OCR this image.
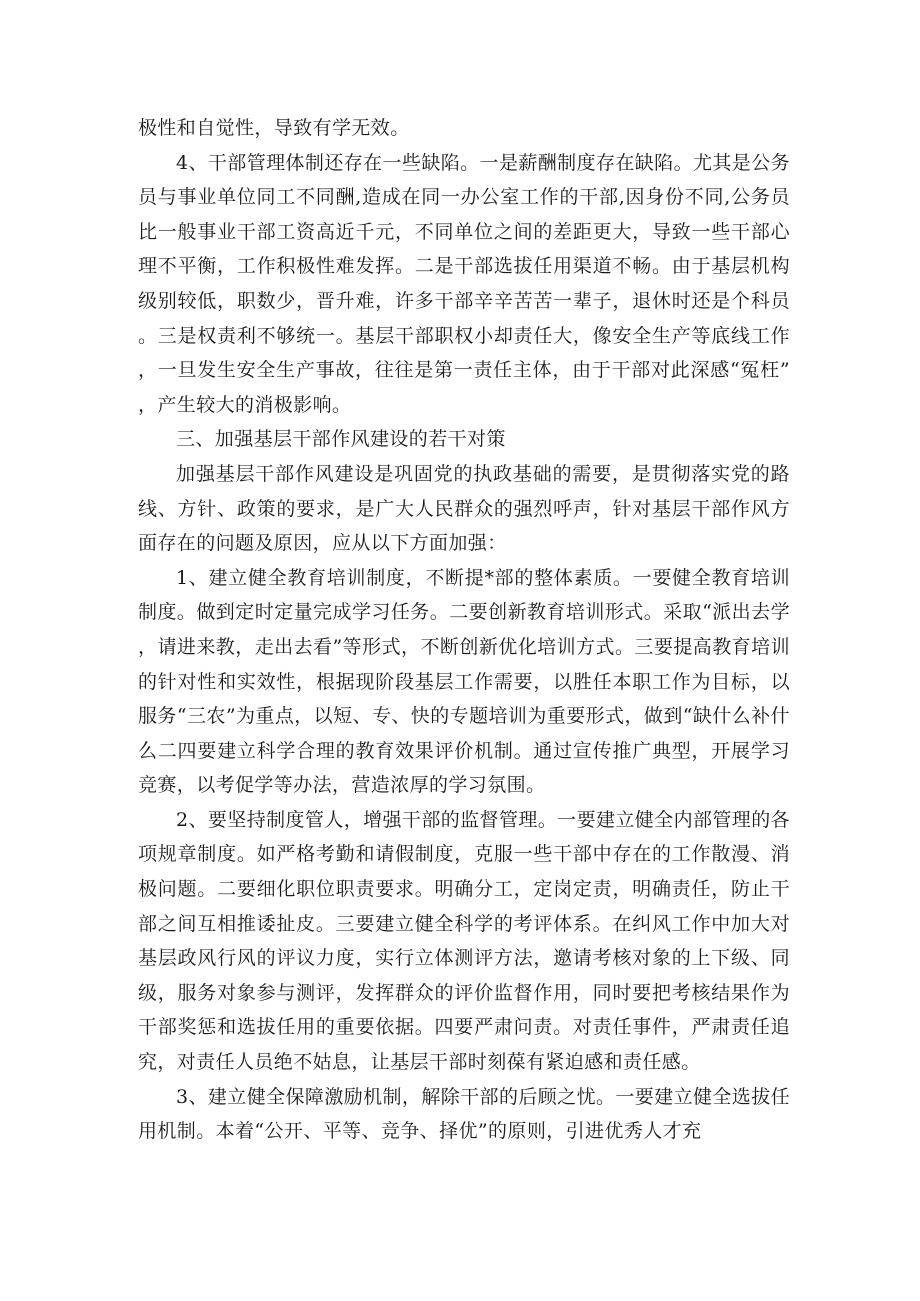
极性和自觉性，导致有学无效。

4、干部管理体制还存在一些缺陷。一是薪酬制度存在缺陷。尤其是公务员与事业单位同工不同酬,造成在同一办公室工作的干部,因身份不同,公务员比一般事业干部工资高近千元，不同单位之间的差距更大，导致一些干部心理不平衡，工作积极性难发挥。二是干部选拔任用渠道不畅。由于基层机构级别较低，职数少，晋升难，许多干部辛辛苦苦一辈子，退休时还是个科员。三是权责利不够统一。基层干部职权小却责任大，像安全生产等底线工作，一旦发生安全生产事故，往往是第一责任主体，由于干部对此深感“冤枉”，产生较大的消极影响。

三、加强基层干部作风建设的若干对策

加强基层干部作风建设是巩固党的执政基础的需要，是贯彻落实党的路线、方针、政策的要求，是广大人民群众的强烈呼声，针对基层干部作风方面存在的问题及原因，应从以下方面加强：

1、建立健全教育培训制度，不断提*部的整体素质。一要健全教育培训制度。做到定时定量完成学习任务。二要创新教育培训形式。采取“派出去学，请进来教，走出去看”等形式，不断创新优化培训方式。三要提高教育培训的针对性和实效性，根据现阶段基层工作需要，以胜任本职工作为目标，以服务“三农”为重点，以短、专、快的专题培训为重要形式，做到“缺什么补什么二四要建立科学合理的教育效果评价机制。通过宣传推广典型，开展学习竞赛，以考促学等办法，营造浓厚的学习氛围。

2、要坚持制度管人，增强干部的监督管理。一要建立健全内部管理的各项规章制度。如严格考勤和请假制度，克服一些干部中存在的工作散漫、消极问题。二要细化职位职责要求。明确分工，定岗定责，明确责任，防止干部之间互相推诿扯皮。三要建立健全科学的考评体系。在纠风工作中加大对基层政风行风的评议力度，实行立体测评方法，邀请考核对象的上下级、同级，服务对象参与测评，发挥群众的评价监督作用，同时要把考核结果作为干部奖惩和选拔任用的重要依据。四要严肃问责。对责任事件，严肃责任追究，对责任人员绝不姑息，让基层干部时刻葆有紧迫感和责任感。

3、建立健全保障激励机制，解除干部的后顾之忧。一要建立健全选拔任用机制。本着“公开、平等、竞争、择优”的原则，引进优秀人才充
